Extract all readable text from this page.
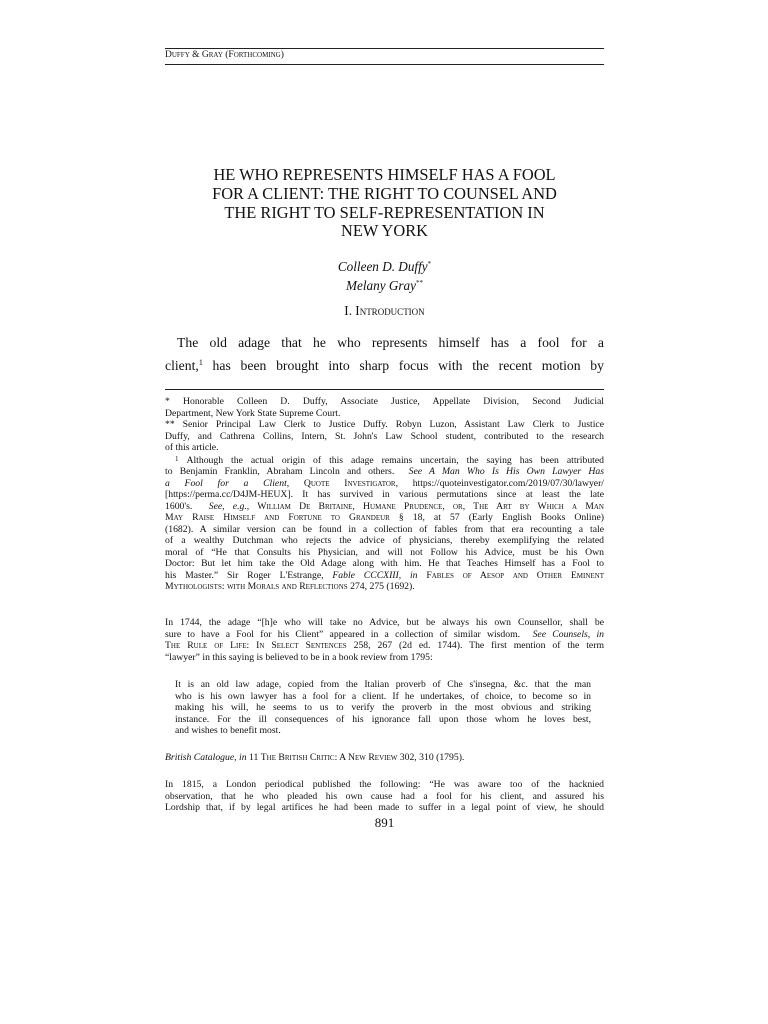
Duffy & Gray (Forthcoming)
HE WHO REPRESENTS HIMSELF HAS A FOOL
FOR A CLIENT: THE RIGHT TO COUNSEL AND
THE RIGHT TO SELF-REPRESENTATION IN
NEW YORK
Colleen D. Duffy*
Melany Gray**
I. Introduction
The old adage that he who represents himself has a fool for a
client,$^1$ has been brought into sharp focus with the recent motion by
* Honorable Colleen D. Duffy, Associate Justice, Appellate Division, Second Judicial
Department, New York State Supreme Court.
** Senior Principal Law Clerk to Justice Duffy. Robyn Luzon, Assistant Law Clerk to Justice
Duffy, and Cathrena Collins, Intern, St. John's Law School student, contributed to the research
of this article.
$^1$ Although the actual origin of this adage remains uncertain, the saying has been attributed
to Benjamin Franklin, Abraham Lincoln and others. See A Man Who Is His Own Lawyer Has
a Fool for a Client, Quote Investigator, https://quoteinvestigator.com/2019/07/30/lawyer/
[https://perma.cc/D4JM-HEUX]. It has survived in various permutations since at least the late
1600's. See, e.g., William De Britaine, Humane Prudence, or, The Art by Which a Man
May Raise Himself and Fortune to Grandeur § 18, at 57 (Early English Books Online)
(1682). A similar version can be found in a collection of fables from that era recounting a tale
of a wealthy Dutchman who rejects the advice of physicians, thereby exemplifying the related
moral of “He that Consults his Physician, and will not Follow his Advice, must be his Own
Doctor: But let him take the Old Adage along with him. He that Teaches Himself has a Fool to
his Master.” Sir Roger L'Estrange, Fable CCCXIII, in Fables of Aesop and Other Eminent
Mythologists: with Morals and Reflections 274, 275 (1692).
In 1744, the adage “[h]e who will take no Advice, but be always his own Counsellor, shall be
sure to have a Fool for his Client” appeared in a collection of similar wisdom. See Counsels, in
The Rule of Life: In Select Sentences 258, 267 (2d ed. 1744). The first mention of the term
“lawyer” in this saying is believed to be in a book review from 1795:
It is an old law adage, copied from the Italian proverb of Che s'insegna, &c. that the man
who is his own lawyer has a fool for a client. If he undertakes, of choice, to become so in
making his will, he seems to us to verify the proverb in the most obvious and striking
instance. For the ill consequences of his ignorance fall upon those whom he loves best,
and wishes to benefit most.
British Catalogue, in 11 The British Critic: A New Review 302, 310 (1795).
In 1815, a London periodical published the following: “He was aware too of the hacknied
observation, that he who pleaded his own cause had a fool for his client, and assured his
Lordship that, if by legal artifices he had been made to suffer in a legal point of view, he should
891
